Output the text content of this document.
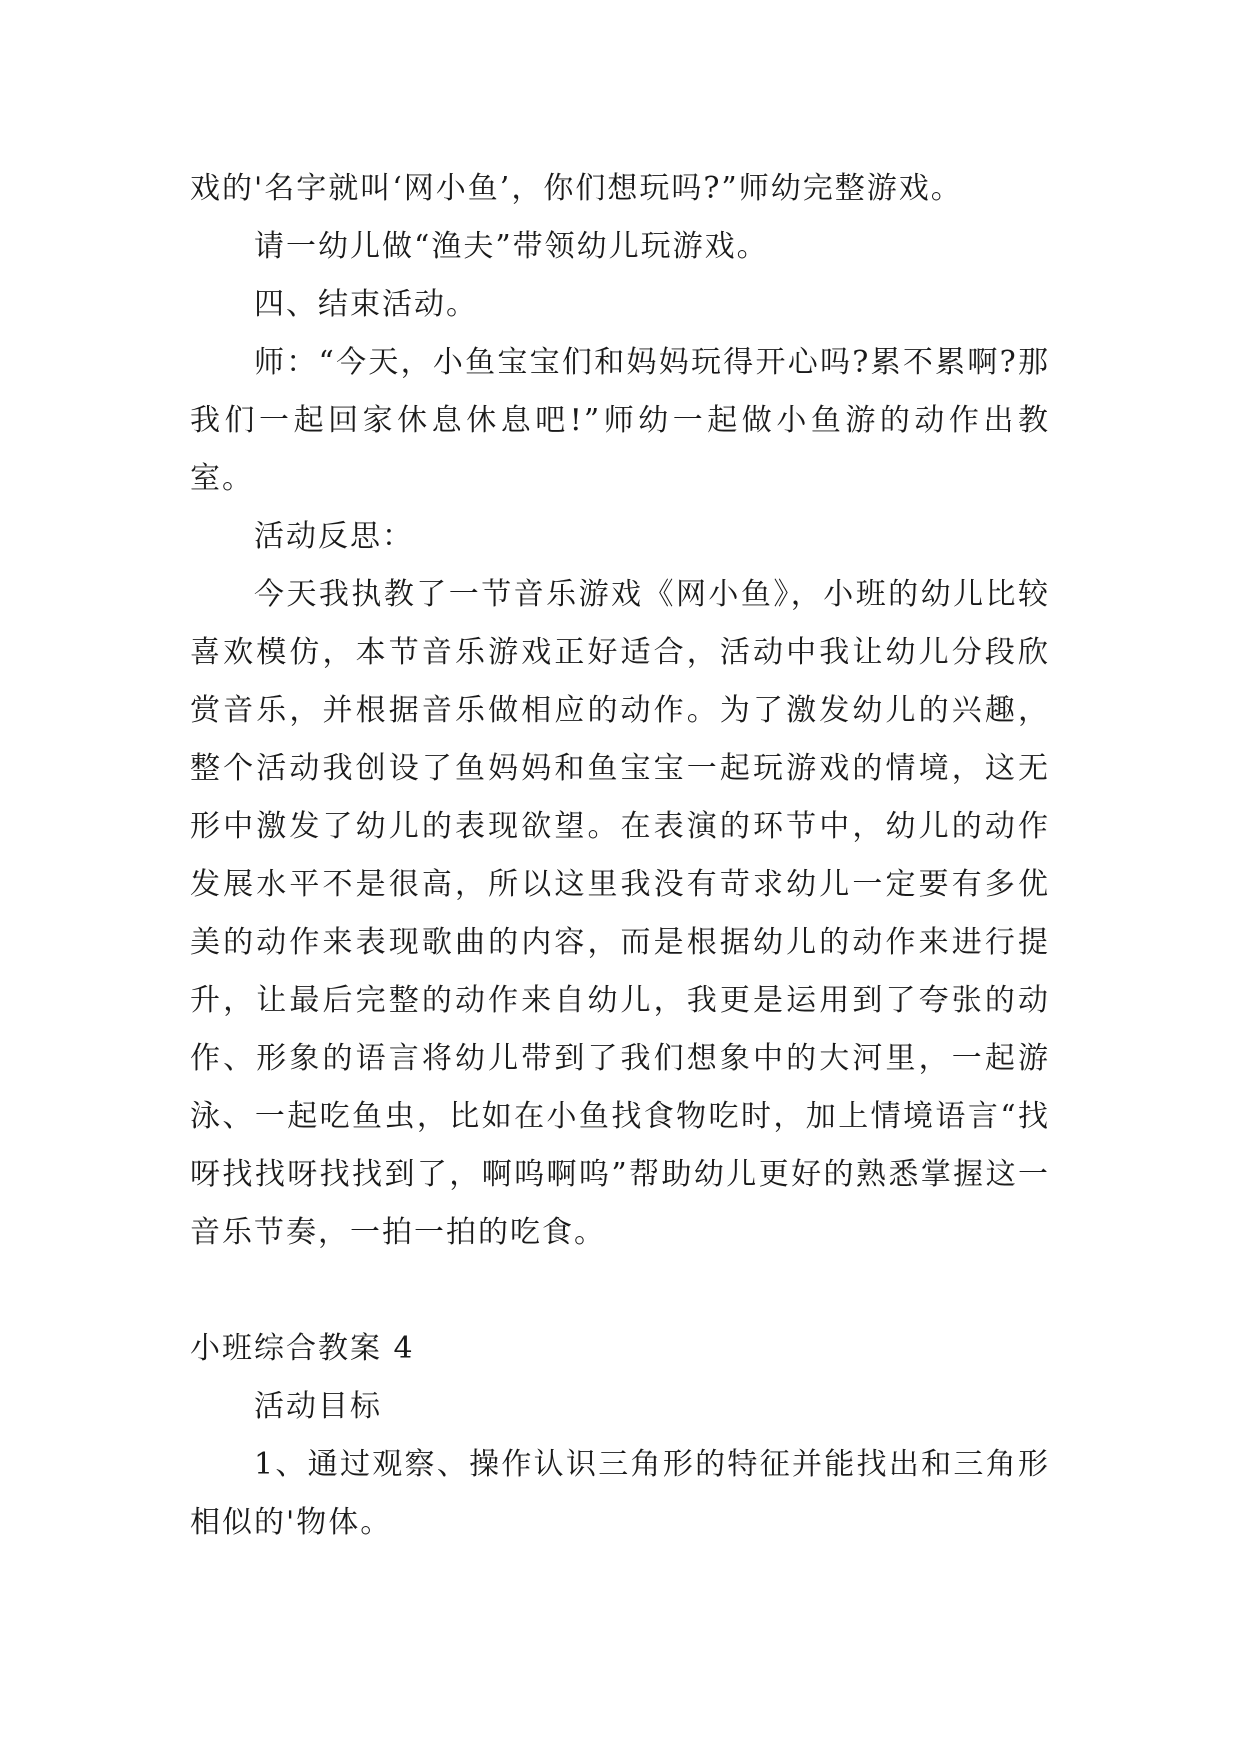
戏的'名字就叫‘网小鱼’，你们想玩吗?”师幼完整游戏。

请一幼儿做“渔夫”带领幼儿玩游戏。

四、结束活动。

师：“今天，小鱼宝宝们和妈妈玩得开心吗?累不累啊?那我们一起回家休息休息吧!”师幼一起做小鱼游的动作出教室。

活动反思：

今天我执教了一节音乐游戏《网小鱼》，小班的幼儿比较喜欢模仿，本节音乐游戏正好适合，活动中我让幼儿分段欣赏音乐，并根据音乐做相应的动作。为了激发幼儿的兴趣，整个活动我创设了鱼妈妈和鱼宝宝一起玩游戏的情境，这无形中激发了幼儿的表现欲望。在表演的环节中，幼儿的动作发展水平不是很高，所以这里我没有苛求幼儿一定要有多优美的动作来表现歌曲的内容，而是根据幼儿的动作来进行提升，让最后完整的动作来自幼儿，我更是运用到了夸张的动作、形象的语言将幼儿带到了我们想象中的大河里，一起游泳、一起吃鱼虫，比如在小鱼找食物吃时，加上情境语言“找呀找找呀找找到了，啊呜啊呜”帮助幼儿更好的熟悉掌握这一音乐节奏，一拍一拍的吃食。

小班综合教案 4

活动目标

1、通过观察、操作认识三角形的特征并能找出和三角形相似的'物体。
